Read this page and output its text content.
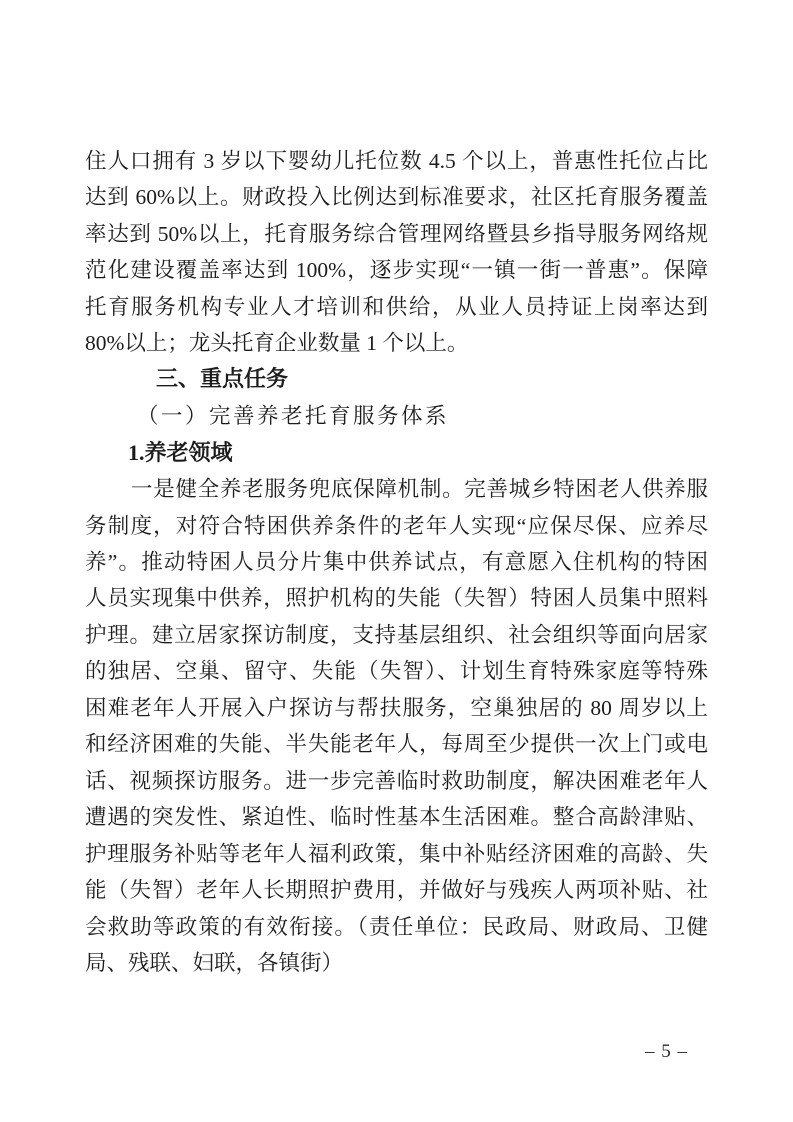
住人口拥有 3 岁以下婴幼儿托位数 4.5 个以上，普惠性托位占比
达到 60%以上。财政投入比例达到标准要求，社区托育服务覆盖
率达到 50%以上，托育服务综合管理网络暨县乡指导服务网络规
范化建设覆盖率达到 100%，逐步实现“一镇一街一普惠”。保障
托育服务机构专业人才培训和供给，从业人员持证上岗率达到
80%以上；龙头托育企业数量 1 个以上。
三、重点任务
（一）完善养老托育服务体系
1.养老领域
一是健全养老服务兜底保障机制。完善城乡特困老人供养服
务制度，对符合特困供养条件的老年人实现“应保尽保、应养尽
养”。推动特困人员分片集中供养试点，有意愿入住机构的特困
人员实现集中供养，照护机构的失能（失智）特困人员集中照料
护理。建立居家探访制度，支持基层组织、社会组织等面向居家
的独居、空巢、留守、失能（失智）、计划生育特殊家庭等特殊
困难老年人开展入户探访与帮扶服务，空巢独居的 80 周岁以上
和经济困难的失能、半失能老年人，每周至少提供一次上门或电
话、视频探访服务。进一步完善临时救助制度，解决困难老年人
遭遇的突发性、紧迫性、临时性基本生活困难。整合高龄津贴、
护理服务补贴等老年人福利政策，集中补贴经济困难的高龄、失
能（失智）老年人长期照护费用，并做好与残疾人两项补贴、社
会救助等政策的有效衔接。（责任单位：民政局、财政局、卫健
局、残联、妇联，各镇街）
– 5 –
